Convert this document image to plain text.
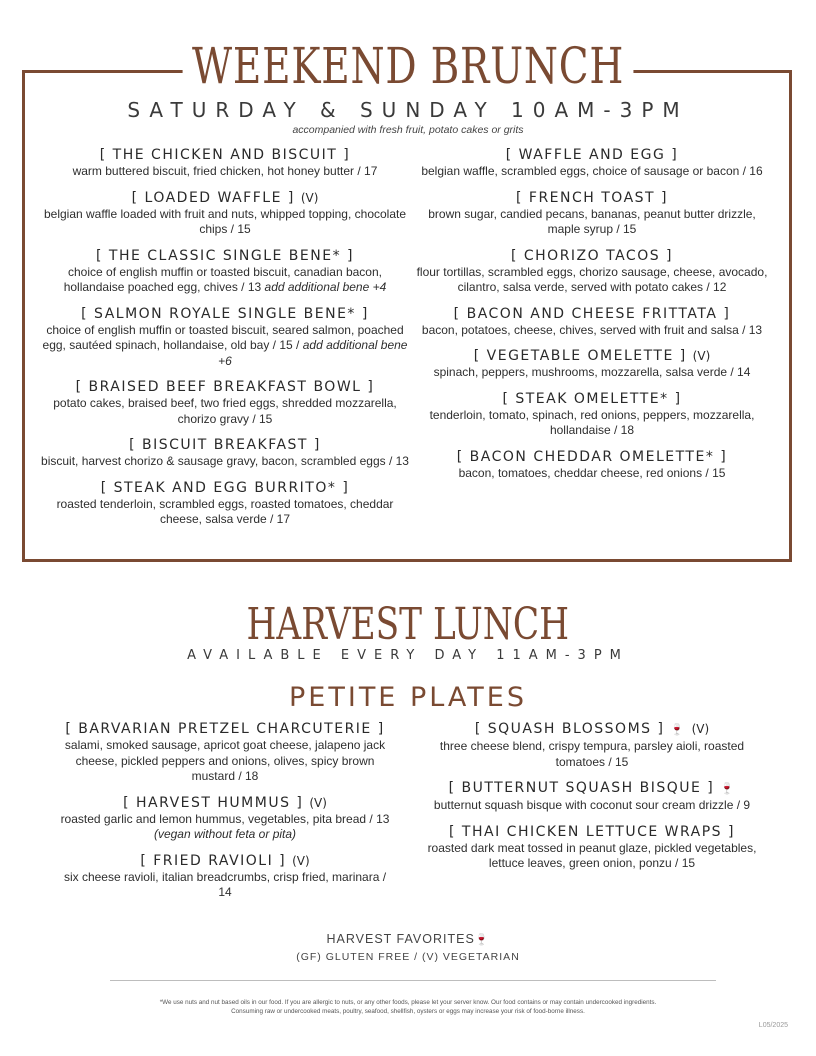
WEEKEND BRUNCH
SATURDAY & SUNDAY 10AM-3PM
accompanied with fresh fruit, potato cakes or grits
[ THE CHICKEN AND BISCUIT ]
warm buttered biscuit, fried chicken, hot honey butter / 17
[ LOADED WAFFLE ] (V)
belgian waffle loaded with fruit and nuts, whipped topping, chocolate chips / 15
[ THE CLASSIC SINGLE BENE* ]
choice of english muffin or toasted biscuit, canadian bacon, hollandaise poached egg, chives / 13 add additional bene +4
[ SALMON ROYALE SINGLE BENE* ]
choice of english muffin or toasted biscuit, seared salmon, poached egg, sautéed spinach, hollandaise, old bay / 15 / add additional bene +6
[ BRAISED BEEF BREAKFAST BOWL ]
potato cakes, braised beef, two fried eggs, shredded mozzarella, chorizo gravy / 15
[ BISCUIT BREAKFAST ]
biscuit, harvest chorizo & sausage gravy, bacon, scrambled eggs / 13
[ STEAK AND EGG BURRITO* ]
roasted tenderloin, scrambled eggs, roasted tomatoes, cheddar cheese, salsa verde / 17
[ WAFFLE AND EGG ]
belgian waffle, scrambled eggs, choice of sausage or bacon / 16
[ FRENCH TOAST ]
brown sugar, candied pecans, bananas, peanut butter drizzle, maple syrup / 15
[ CHORIZO TACOS ]
flour tortillas, scrambled eggs, chorizo sausage, cheese, avocado, cilantro, salsa verde, served with potato cakes / 12
[ BACON AND CHEESE FRITTATA ]
bacon, potatoes, cheese, chives, served with fruit and salsa / 13
[ VEGETABLE OMELETTE ] (V)
spinach, peppers, mushrooms, mozzarella, salsa verde / 14
[ STEAK OMELETTE* ]
tenderloin, tomato, spinach, red onions, peppers, mozzarella, hollandaise / 18
[ BACON CHEDDAR OMELETTE* ]
bacon, tomatoes, cheddar cheese, red onions / 15
HARVEST LUNCH
AVAILABLE EVERY DAY 11AM-3PM
PETITE PLATES
[ BARVARIAN PRETZEL CHARCUTERIE ]
salami, smoked sausage, apricot goat cheese, jalapeno jack cheese, pickled peppers and onions, olives, spicy brown mustard / 18
[ HARVEST HUMMUS ] (V)
roasted garlic and lemon hummus, vegetables, pita bread / 13 (vegan without feta or pita)
[ FRIED RAVIOLI ] (V)
six cheese ravioli, italian breadcrumbs, crisp fried, marinara / 14
[ SQUASH BLOSSOMS ] 🍷 (V)
three cheese blend, crispy tempura, parsley aioli, roasted tomatoes / 15
[ BUTTERNUT SQUASH BISQUE ] 🍷
butternut squash bisque with coconut sour cream drizzle / 9
[ THAI CHICKEN LETTUCE WRAPS ]
roasted dark meat tossed in peanut glaze, pickled vegetables, lettuce leaves, green onion, ponzu / 15
HARVEST FAVORITES🍷
(GF) GLUTEN FREE / (V) VEGETARIAN
*We use nuts and nut based oils in our food. If you are allergic to nuts, or any other foods, please let your server know. Our food contains or may contain undercooked ingredients. Consuming raw or undercooked meats, poultry, seafood, shellfish, oysters or eggs may increase your risk of food-borne illness.
L05/2025
